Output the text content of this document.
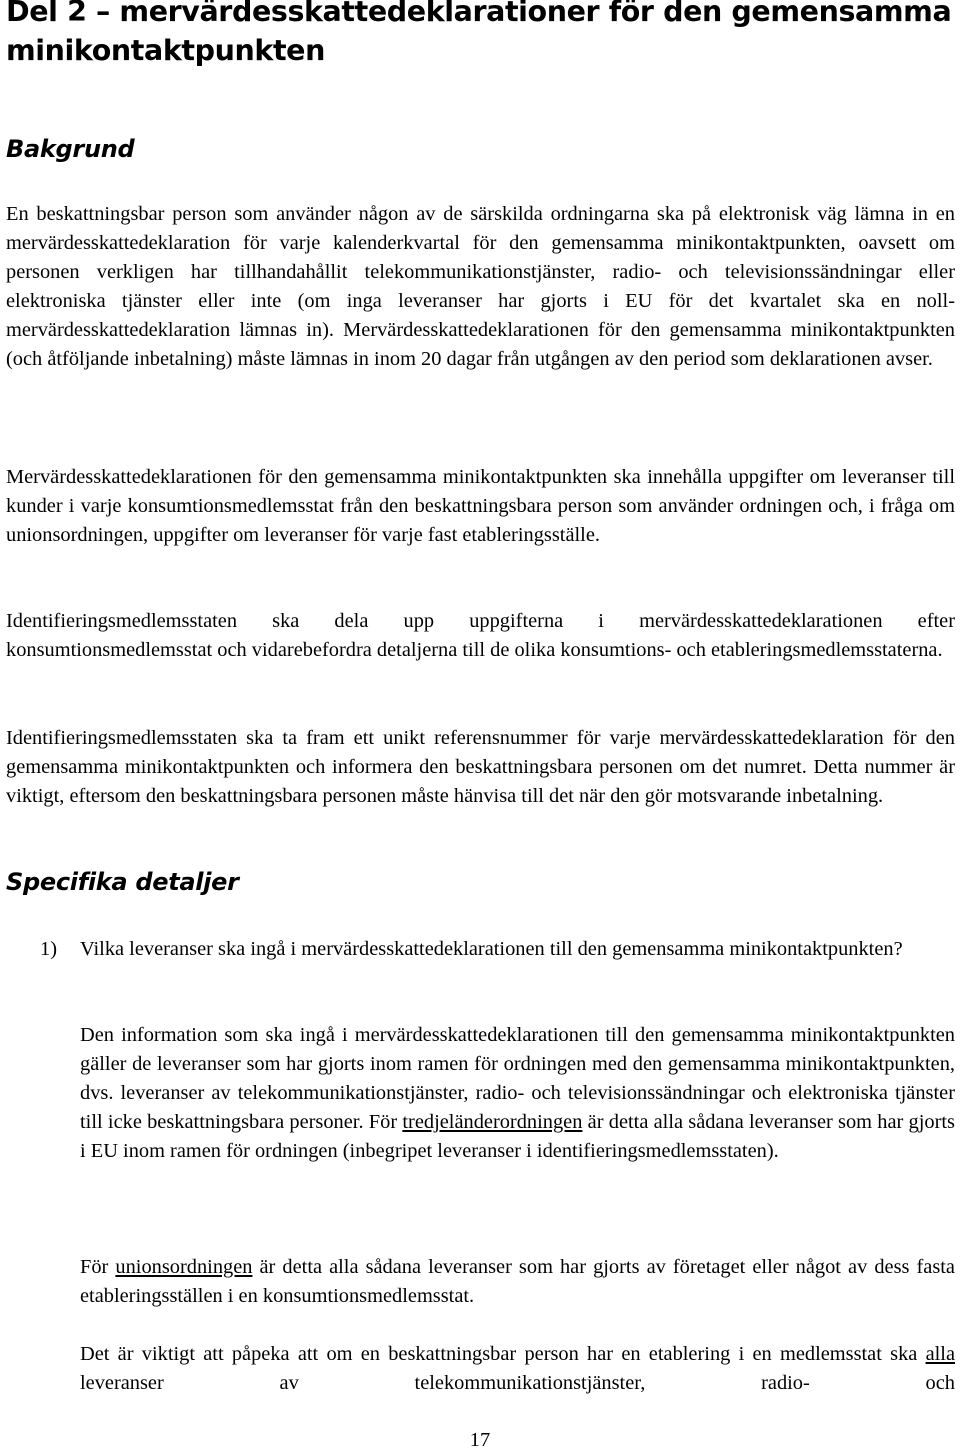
Del 2 – mervärdesskattedeklarationer för den gemensamma minikontaktpunkten
Bakgrund

En beskattningsbar person som använder någon av de särskilda ordningarna ska på elektronisk väg lämna in en mervärdesskattedeklaration för varje kalenderkvartal för den gemensamma minikontaktpunkten, oavsett om personen verkligen har tillhandahållit telekommunikationstjänster, radio- och televisionssändningar eller elektroniska tjänster eller inte (om inga leveranser har gjorts i EU för det kvartalet ska en noll-mervärdesskattedeklaration lämnas in). Mervärdesskattedeklarationen för den gemensamma minikontaktpunkten (och åtföljande inbetalning) måste lämnas in inom 20 dagar från utgången av den period som deklarationen avser.

Mervärdesskattedeklarationen för den gemensamma minikontaktpunkten ska innehålla uppgifter om leveranser till kunder i varje konsumtionsmedlemsstat från den beskattningsbara person som använder ordningen och, i fråga om unionsordningen, uppgifter om leveranser för varje fast etableringsställe.

Identifieringsmedlemsstaten ska dela upp uppgifterna i mervärdesskattedeklarationen efter konsumtionsmedlemsstat och vidarebefordra detaljerna till de olika konsumtions- och etableringsmedlemsstaterna.

Identifieringsmedlemsstaten ska ta fram ett unikt referensnummer för varje mervärdesskattedeklaration för den gemensamma minikontaktpunkten och informera den beskattningsbara personen om det numret. Detta nummer är viktigt, eftersom den beskattningsbara personen måste hänvisa till det när den gör motsvarande inbetalning.

Specifika detaljer
1) Vilka leveranser ska ingå i mervärdesskattedeklarationen till den gemensamma minikontaktpunkten?

Den information som ska ingå i mervärdesskattedeklarationen till den gemensamma minikontaktpunkten gäller de leveranser som har gjorts inom ramen för ordningen med den gemensamma minikontaktpunkten, dvs. leveranser av telekommunikationstjänster, radio- och televisionssändningar och elektroniska tjänster till icke beskattningsbara personer. För tredjeländerordningen är detta alla sådana leveranser som har gjorts i EU inom ramen för ordningen (inbegripet leveranser i identifieringsmedlemsstaten).

För unionsordningen är detta alla sådana leveranser som har gjorts av företaget eller något av dess fasta etableringsställen i en konsumtionsmedlemsstat.

Det är viktigt att påpeka att om en beskattningsbar person har en etablering i en medlemsstat ska alla leveranser av telekommunikationstjänster, radio- och

17
